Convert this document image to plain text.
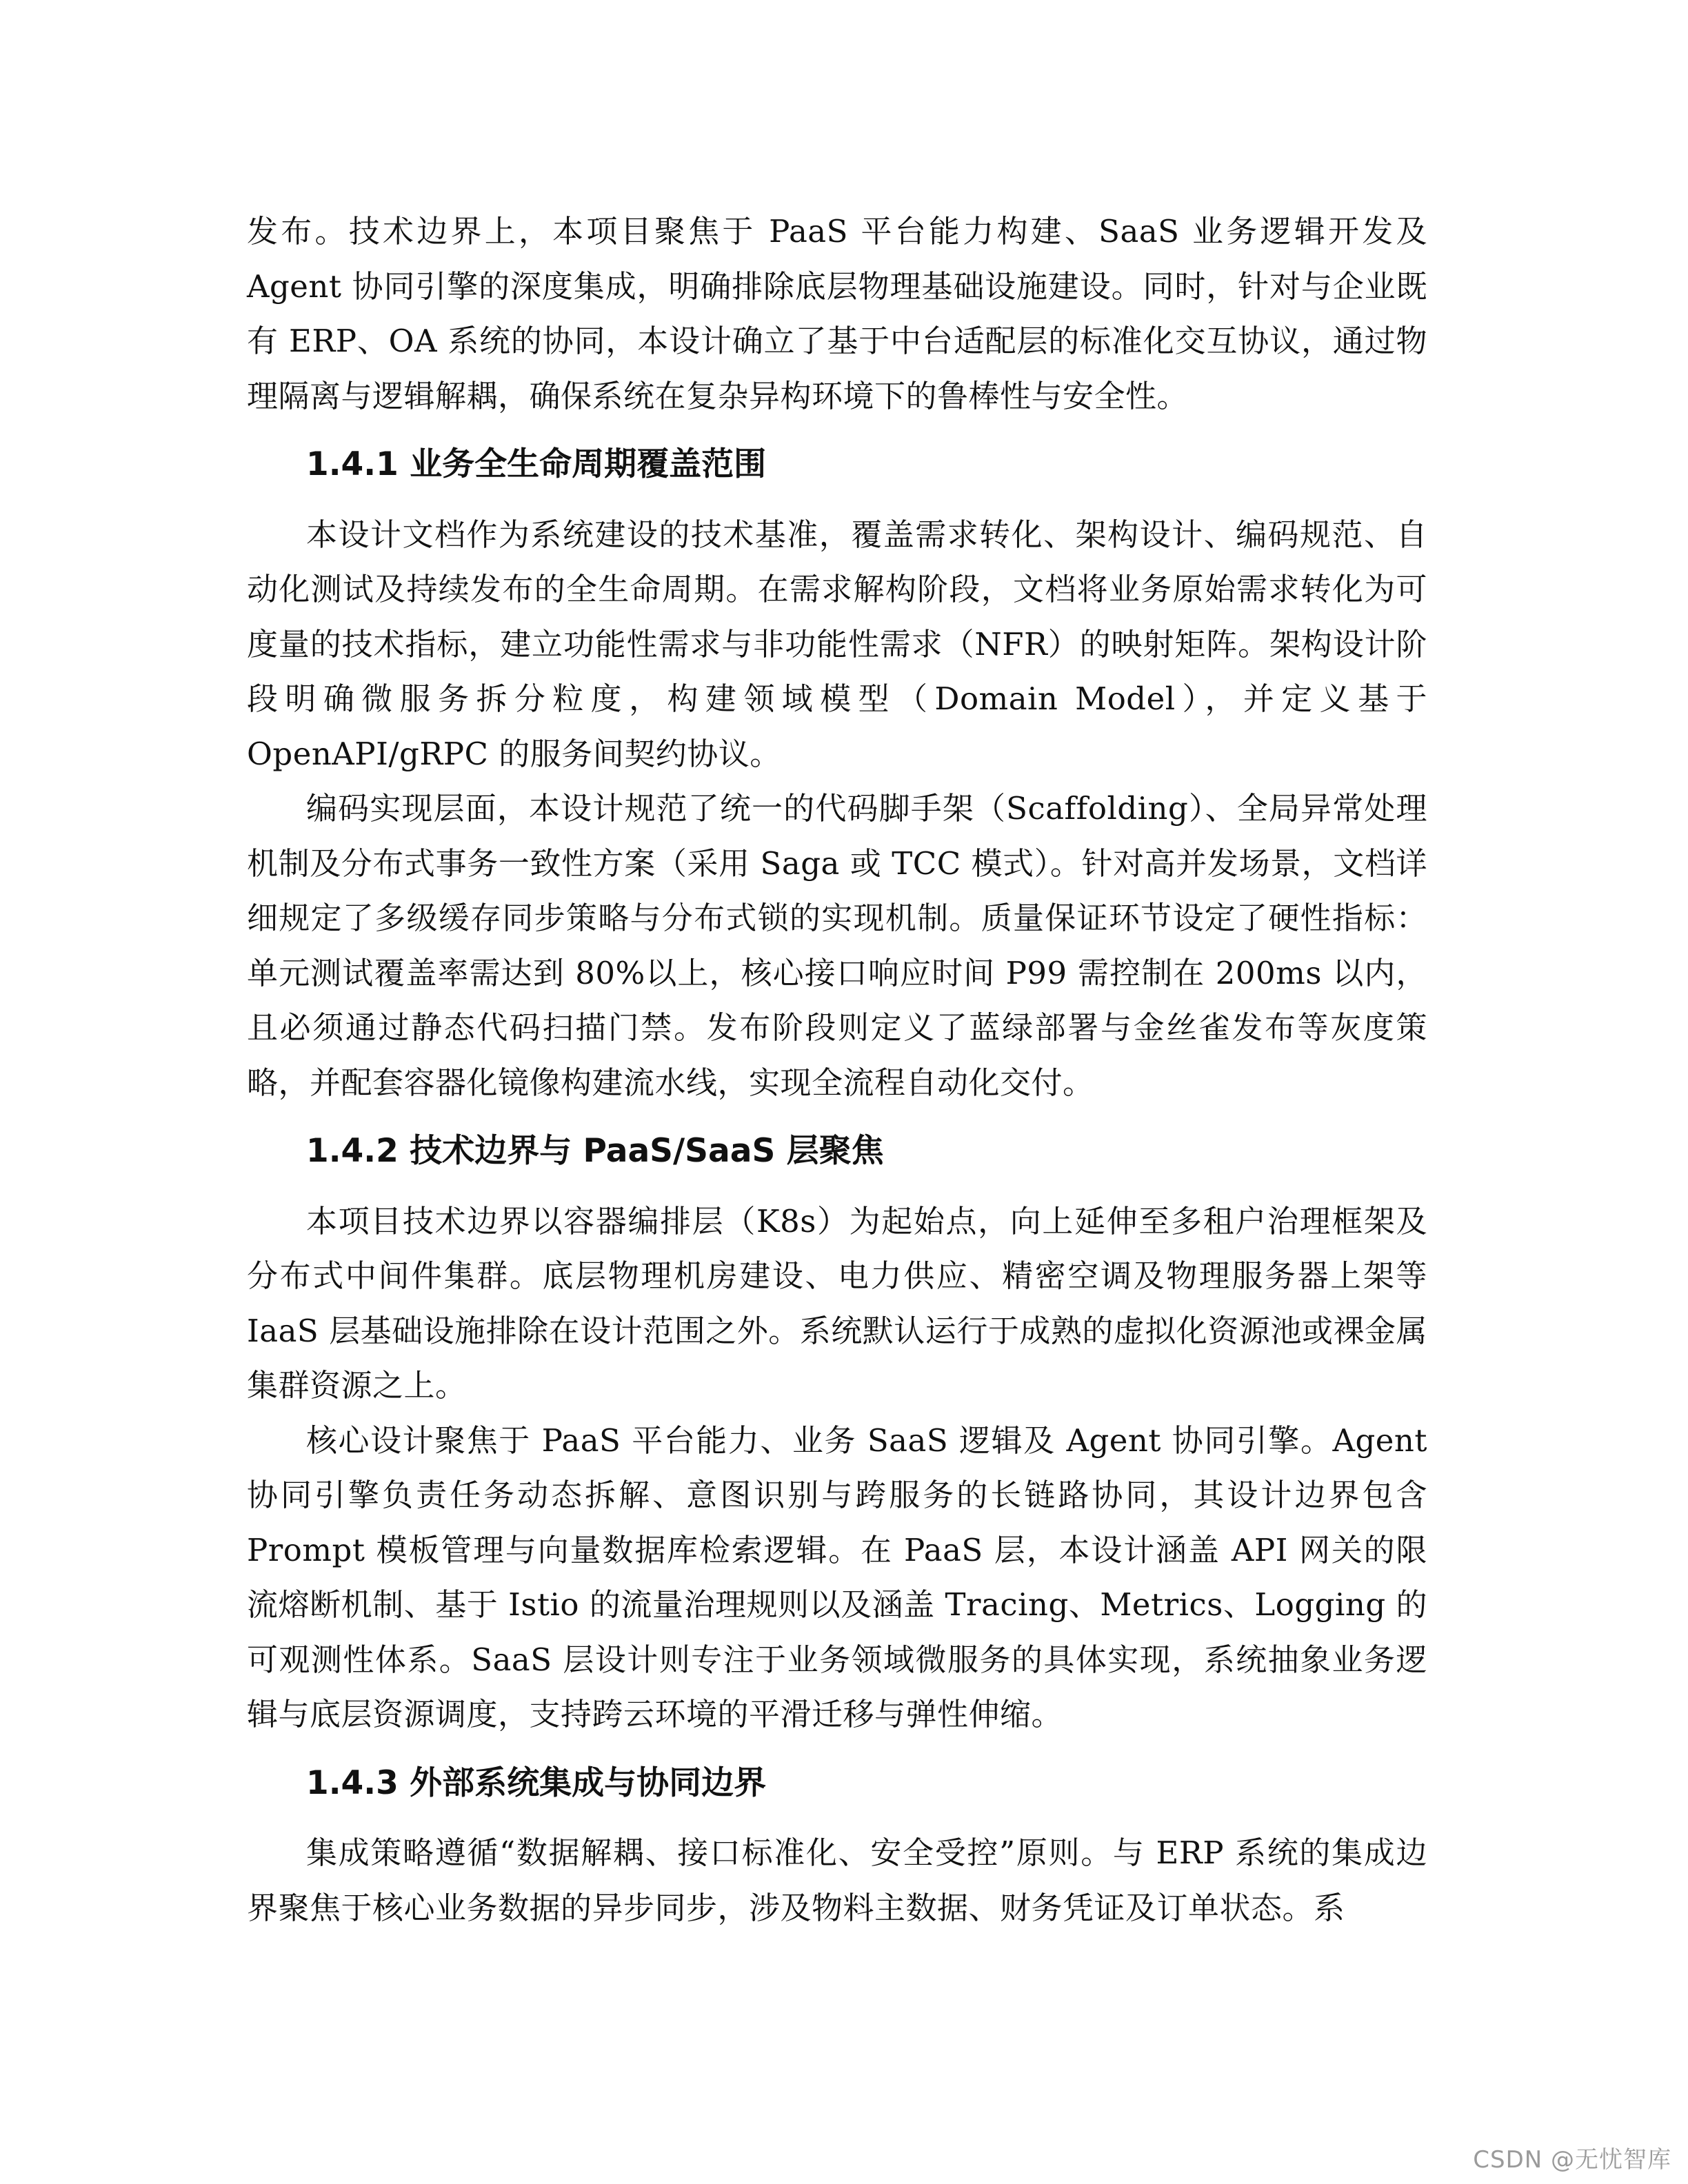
发布。技术边界上，本项目聚焦于 PaaS 平台能力构建、SaaS 业务逻辑开发及 Agent 协同引擎的深度集成，明确排除底层物理基础设施建设。同时，针对与企业既有 ERP、OA 系统的协同，本设计确立了基于中台适配层的标准化交互协议，通过物理隔离与逻辑解耦，确保系统在复杂异构环境下的鲁棒性与安全性。

1.4.1 业务全生命周期覆盖范围

本设计文档作为系统建设的技术基准，覆盖需求转化、架构设计、编码规范、自动化测试及持续发布的全生命周期。在需求解构阶段，文档将业务原始需求转化为可度量的技术指标，建立功能性需求与非功能性需求（NFR）的映射矩阵。架构设计阶段明确微服务拆分粒度，构建领域模型（Domain Model），并定义基于 OpenAPI/gRPC 的服务间契约协议。

编码实现层面，本设计规范了统一的代码脚手架（Scaffolding）、全局异常处理机制及分布式事务一致性方案（采用 Saga 或 TCC 模式）。针对高并发场景，文档详细规定了多级缓存同步策略与分布式锁的实现机制。质量保证环节设定了硬性指标：单元测试覆盖率需达到 80%以上，核心接口响应时间 P99 需控制在 200ms 以内，且必须通过静态代码扫描门禁。发布阶段则定义了蓝绿部署与金丝雀发布等灰度策略，并配套容器化镜像构建流水线，实现全流程自动化交付。

1.4.2 技术边界与 PaaS/SaaS 层聚焦

本项目技术边界以容器编排层（K8s）为起始点，向上延伸至多租户治理框架及分布式中间件集群。底层物理机房建设、电力供应、精密空调及物理服务器上架等 IaaS 层基础设施排除在设计范围之外。系统默认运行于成熟的虚拟化资源池或裸金属集群资源之上。

核心设计聚焦于 PaaS 平台能力、业务 SaaS 逻辑及 Agent 协同引擎。Agent 协同引擎负责任务动态拆解、意图识别与跨服务的长链路协同，其设计边界包含 Prompt 模板管理与向量数据库检索逻辑。在 PaaS 层，本设计涵盖 API 网关的限流熔断机制、基于 Istio 的流量治理规则以及涵盖 Tracing、Metrics、Logging 的可观测性体系。SaaS 层设计则专注于业务领域微服务的具体实现，系统抽象业务逻辑与底层资源调度，支持跨云环境的平滑迁移与弹性伸缩。

1.4.3 外部系统集成与协同边界

集成策略遵循“数据解耦、接口标准化、安全受控”原则。与 ERP 系统的集成边界聚焦于核心业务数据的异步同步，涉及物料主数据、财务凭证及订单状态。系

CSDN @无忧智库
